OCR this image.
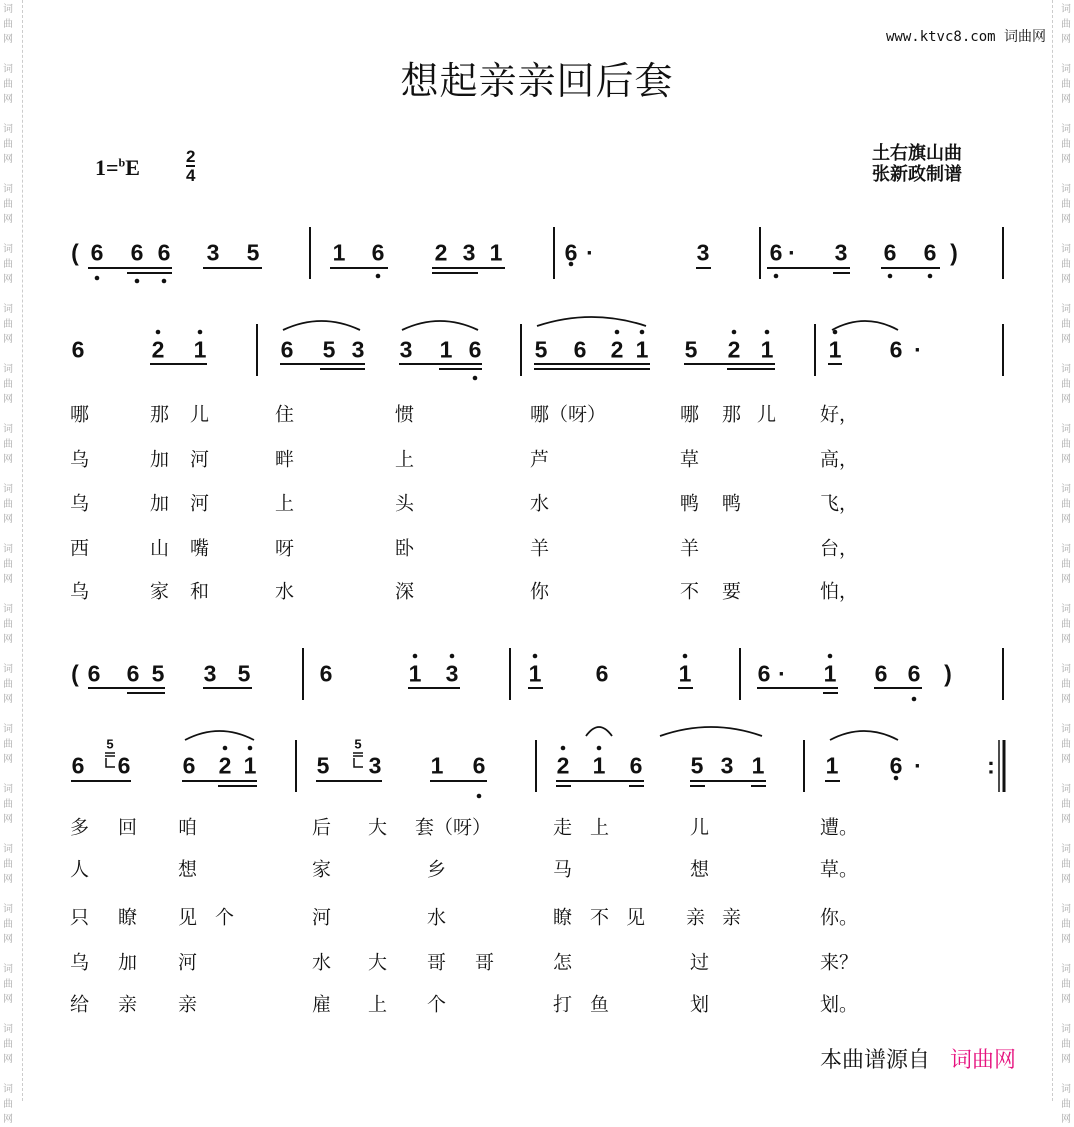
词曲网
词曲网
词曲网
词曲网
词曲网
词曲网
词曲网
词曲网
词曲网
词曲网
词曲网
词曲网
词曲网
词曲网
词曲网
词曲网
词曲网
词曲网
词曲网
词曲网
词曲网
词曲网
词曲网
词曲网
词曲网
词曲网
词曲网
词曲网
词曲网
词曲网
词曲网
词曲网
词曲网
词曲网
词曲网
词曲网
词曲网
词曲网
www.ktvc8.com 词曲网
想起亲亲回后套
1=$^b$E	2
4
土右旗山曲
张新政制谱
( 6 6 6 3 5	1 6 2 3 1	6 ·	3	6 · 3 6 6 )
6	2 1	6 5 3 3 1 6 5 6 2 1 5 2 1 1 6 ·
( 6 6 5 3 5	6	1 3	1 6	1	6 · 1 6 6 )
6
5
6 6 2 1	5
5
3 1 6	2 1 6 5 3 1	1 6 ·	:
哪	那 儿	住	惯	哪（呀）	哪 那 儿 好，
乌	加 河	畔	上	芦	草	高，
乌	加 河	上	头	水	鸭 鸭	飞，
西	山 嘴	呀	卧	羊	羊	台，
乌	家 和	水	深	你	不 要	怕，
多 回 咱	后 大 套（呀）	走 上	儿	遭。
人	想	家	乡	马	想	草。
只 瞭 见 个	河	水	瞭 不 见 亲 亲	你。
乌 加 河	水 大 哥 哥	怎	过	来？
给 亲 亲	雇 上 个	打 鱼	划	划。
本曲谱源自 词曲网
